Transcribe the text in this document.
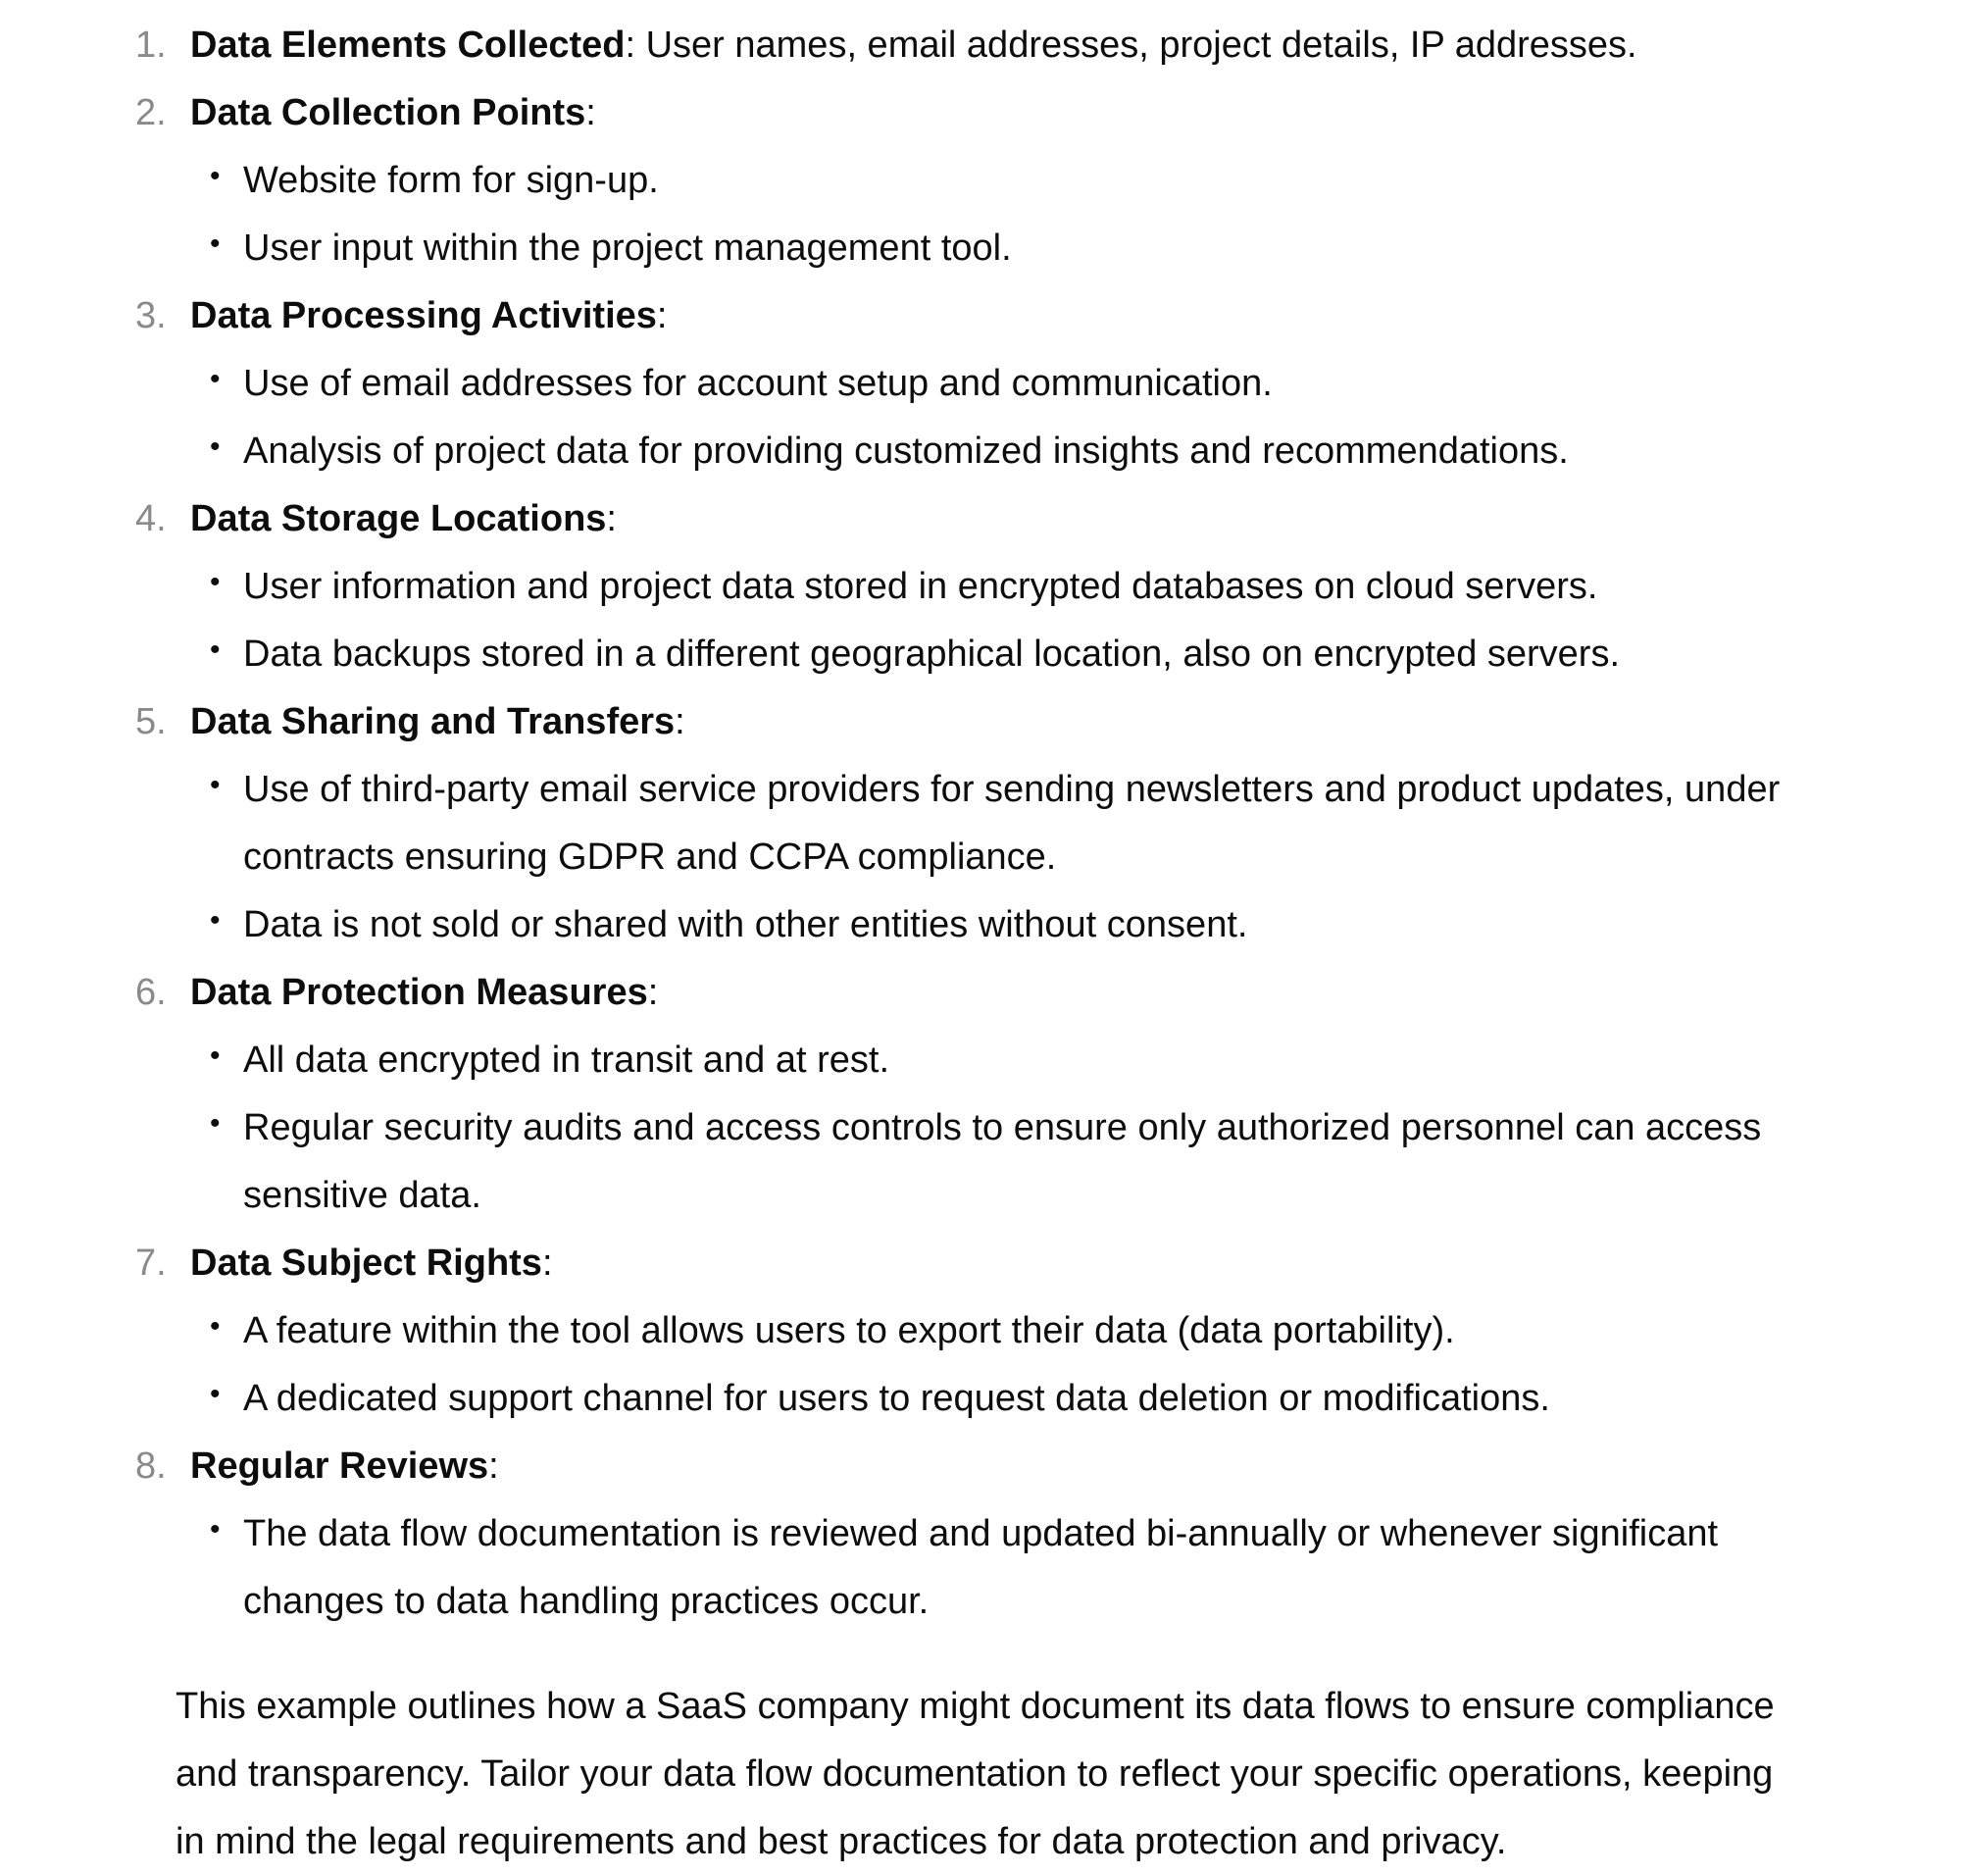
1. Data Elements Collected: User names, email addresses, project details, IP addresses.
2. Data Collection Points:
• Website form for sign-up.
• User input within the project management tool.
3. Data Processing Activities:
• Use of email addresses for account setup and communication.
• Analysis of project data for providing customized insights and recommendations.
4. Data Storage Locations:
• User information and project data stored in encrypted databases on cloud servers.
• Data backups stored in a different geographical location, also on encrypted servers.
5. Data Sharing and Transfers:
• Use of third-party email service providers for sending newsletters and product updates, under
contracts ensuring GDPR and CCPA compliance.
• Data is not sold or shared with other entities without consent.
6. Data Protection Measures:
• All data encrypted in transit and at rest.
• Regular security audits and access controls to ensure only authorized personnel can access
sensitive data.
7. Data Subject Rights:
• A feature within the tool allows users to export their data (data portability).
• A dedicated support channel for users to request data deletion or modifications.
8. Regular Reviews:
• The data flow documentation is reviewed and updated bi-annually or whenever significant
changes to data handling practices occur.

This example outlines how a SaaS company might document its data flows to ensure compliance
and transparency. Tailor your data flow documentation to reflect your specific operations, keeping
in mind the legal requirements and best practices for data protection and privacy.
